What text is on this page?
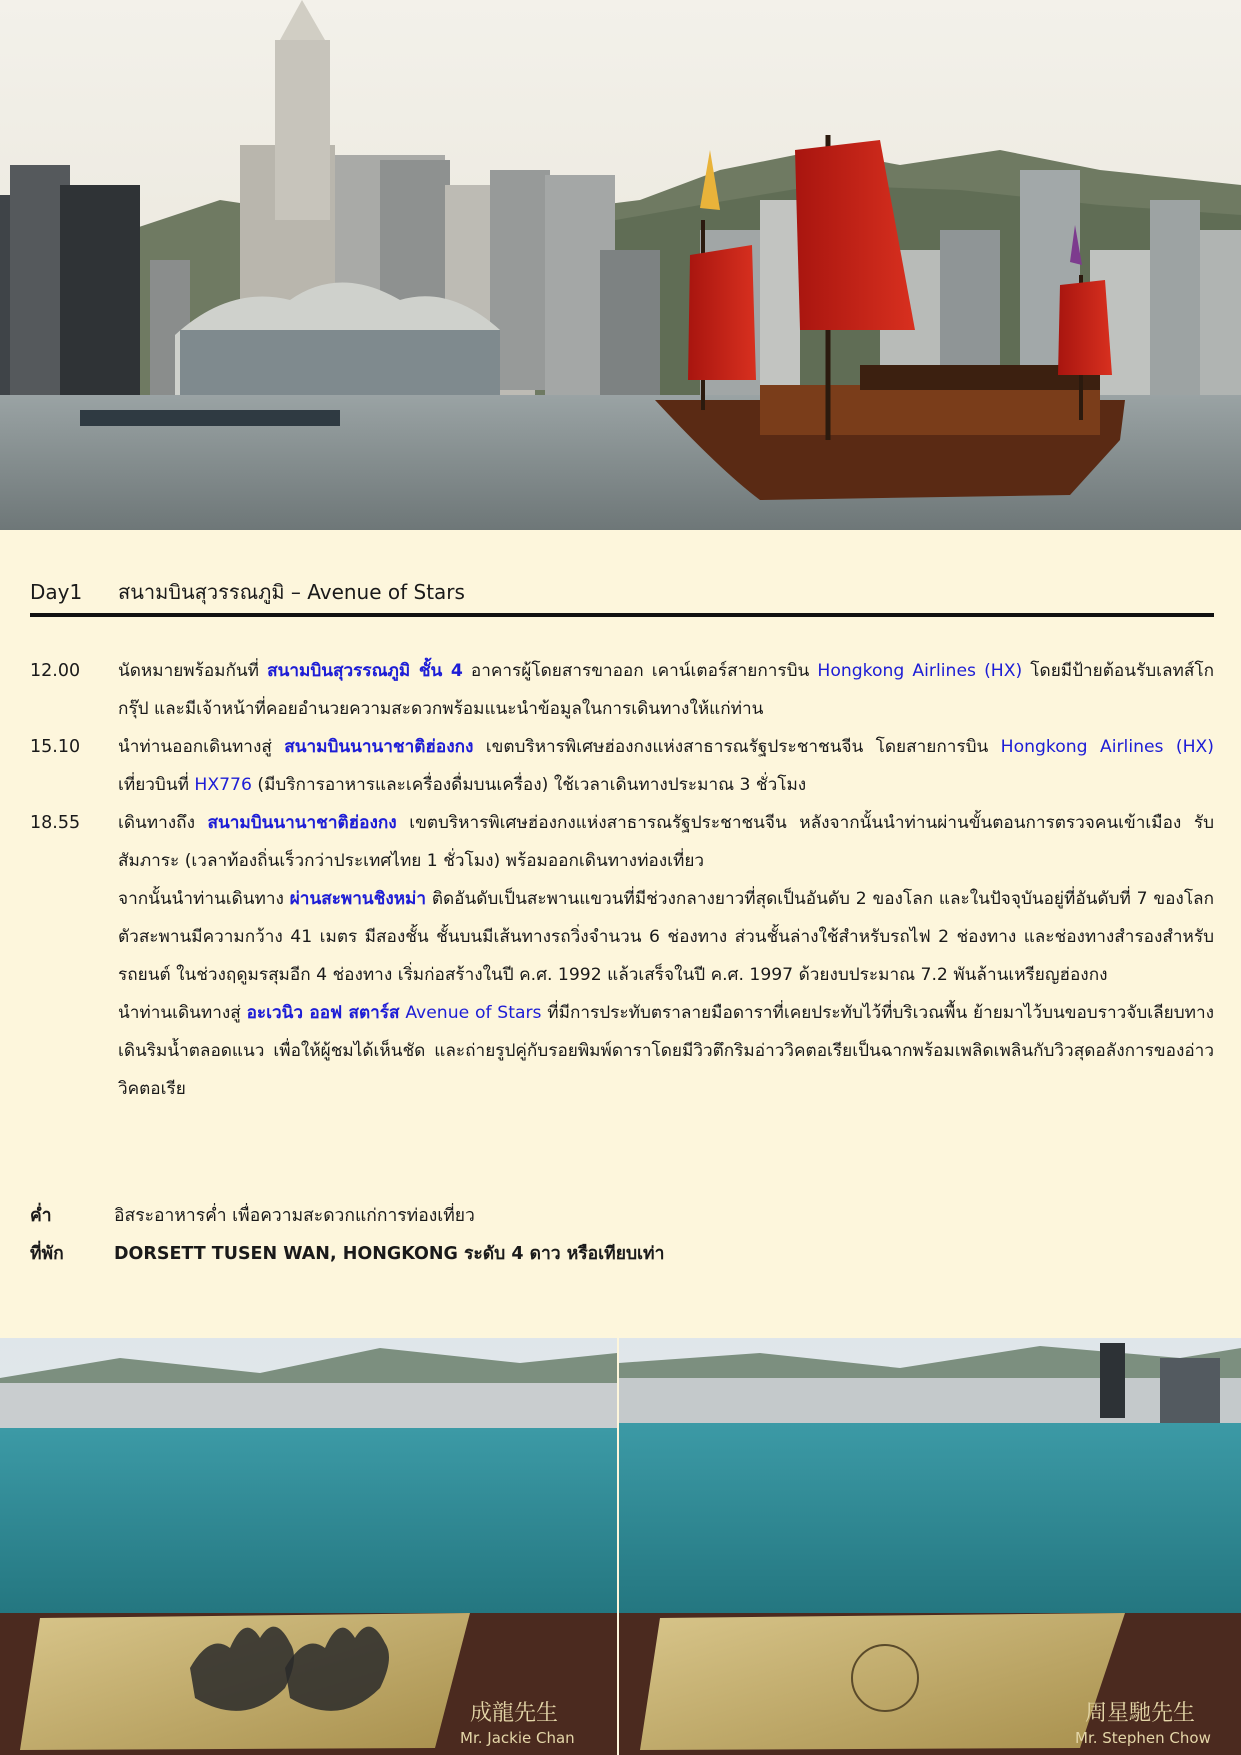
Day1	สนามบินสุวรรณภูมิ – Avenue of Stars
12.00	นัดหมายพร้อมกันที่ สนามบินสุวรรณภูมิ ชั้น 4 อาคารผู้โดยสารขาออก เคาน์เตอร์สายการบิน Hongkong Airlines (HX) โดยมีป้ายต้อนรับเลทส์โกกรุ๊ป และมีเจ้าหน้าที่คอยอำนวยความสะดวกพร้อมแนะนำข้อมูลในการเดินทางให้แก่ท่าน
15.10	นำท่านออกเดินทางสู่ สนามบินนานาชาติฮ่องกง เขตบริหารพิเศษฮ่องกงแห่งสาธารณรัฐประชาชนจีน โดยสายการบิน Hongkong Airlines (HX) เที่ยวบินที่ HX776 (มีบริการอาหารและเครื่องดื่มบนเครื่อง) ใช้เวลาเดินทางประมาณ 3 ชั่วโมง
18.55	เดินทางถึง สนามบินนานาชาติฮ่องกง เขตบริหารพิเศษฮ่องกงแห่งสาธารณรัฐประชาชนจีน หลังจากนั้นนำท่านผ่านขั้นตอนการตรวจคนเข้าเมือง รับสัมภาระ (เวลาท้องถิ่นเร็วกว่าประเทศไทย 1 ชั่วโมง) พร้อมออกเดินทางท่องเที่ยว
จากนั้นนำท่านเดินทาง ผ่านสะพานชิงหม่า ติดอันดับเป็นสะพานแขวนที่มีช่วงกลางยาวที่สุดเป็นอันดับ 2 ของโลก และในปัจจุบันอยู่ที่อันดับที่ 7 ของโลก ตัวสะพานมีความกว้าง 41 เมตร มีสองชั้น ชั้นบนมีเส้นทางรถวิ่งจำนวน 6 ช่องทาง ส่วนชั้นล่างใช้สำหรับรถไฟ 2 ช่องทาง และช่องทางสำรองสำหรับรถยนต์ ในช่วงฤดูมรสุมอีก 4 ช่องทาง เริ่มก่อสร้างในปี ค.ศ. 1992 แล้วเสร็จในปี ค.ศ. 1997 ด้วยงบประมาณ 7.2 พันล้านเหรียญฮ่องกง
นำท่านเดินทางสู่ อะเวนิว ออฟ สตาร์ส Avenue of Stars ที่มีการประทับตราลายมือดาราที่เคยประทับไว้ที่บริเวณพื้น ย้ายมาไว้บนขอบราวจับเลียบทางเดินริมน้ำตลอดแนว เพื่อให้ผู้ชมได้เห็นชัด และถ่ายรูปคู่กับรอยพิมพ์ดาราโดยมีวิวตึกริมอ่าววิคตอเรียเป็นฉากพร้อมเพลิดเพลินกับวิวสุดอลังการของอ่าววิคตอเรีย
ค่ำ	อิสระอาหารค่ำ เพื่อความสะดวกแก่การท่องเที่ยว
ที่พัก	DORSETT TUSEN WAN, HONGKONG ระดับ 4 ดาว หรือเทียบเท่า
成龍先生
Mr. Jackie Chan
周星馳先生
Mr. Stephen Chow
